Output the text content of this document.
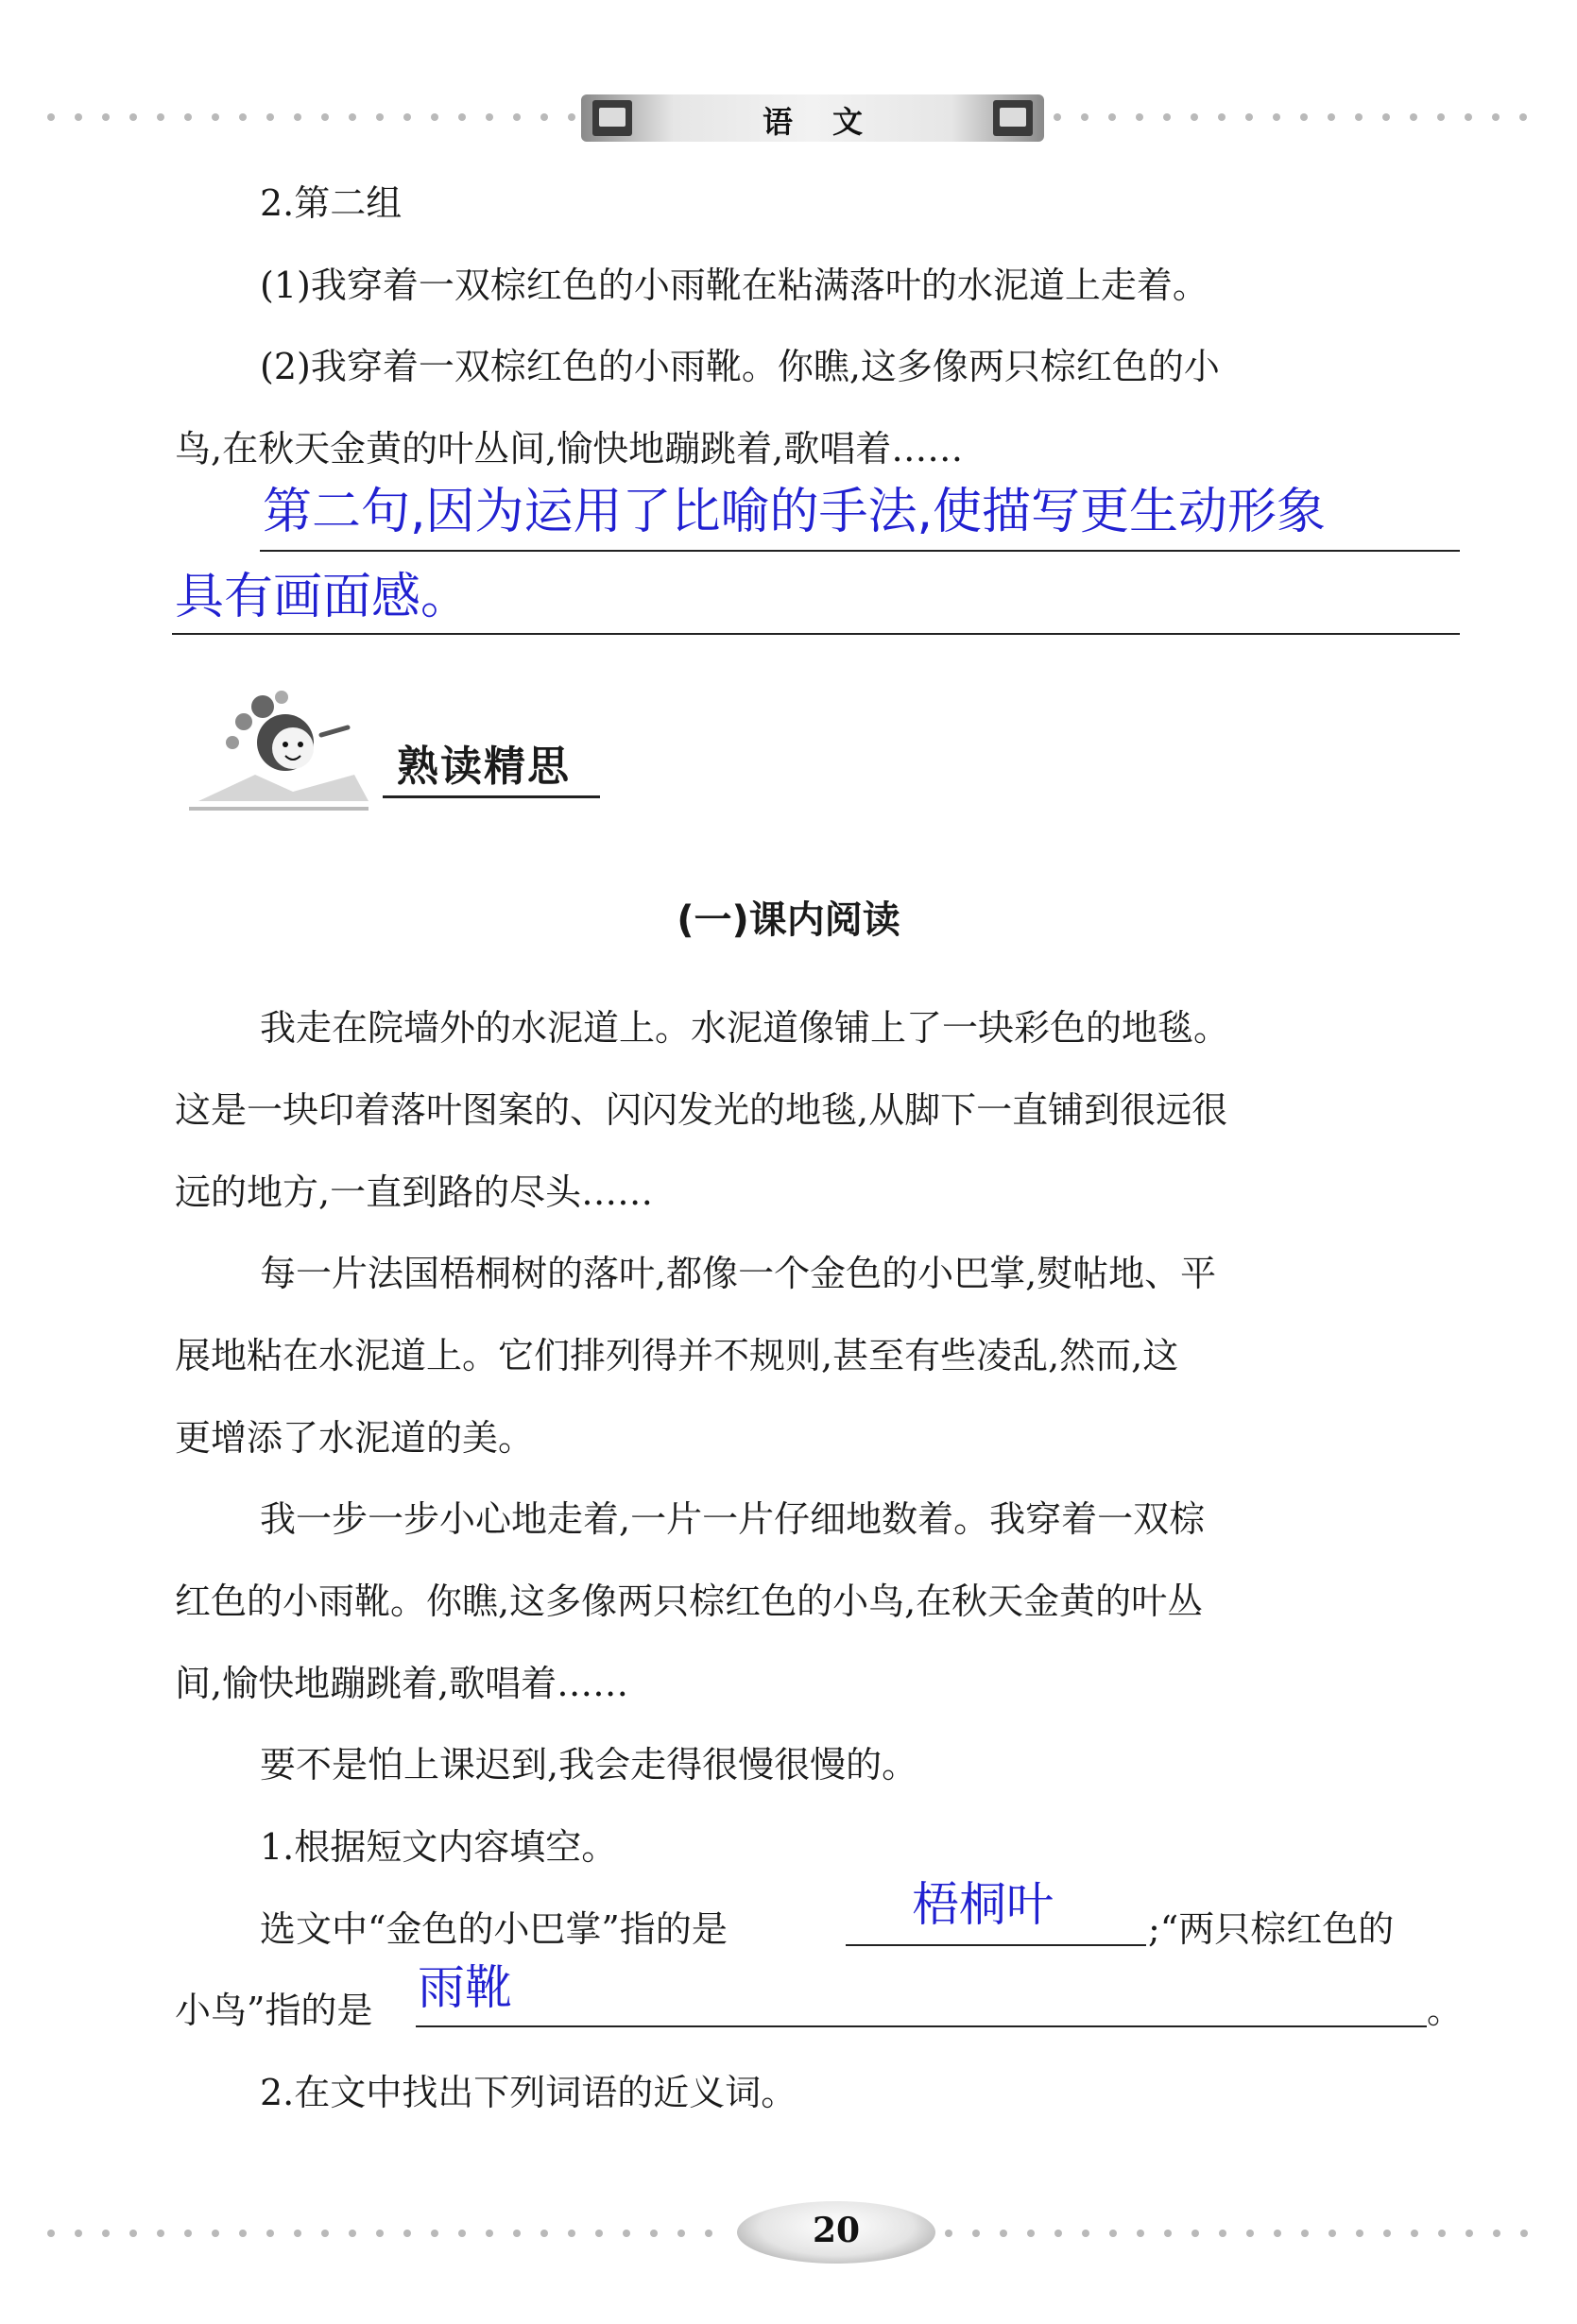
语文
2.第二组
(1)我穿着一双棕红色的小雨靴在粘满落叶的水泥道上走着。
(2)我穿着一双棕红色的小雨靴。你瞧,这多像两只棕红色的小
鸟,在秋天金黄的叶丛间,愉快地蹦跳着,歌唱着……
第二句,因为运用了比喻的手法,使描写更生动形象
具有画面感。
熟读精思
(一)课内阅读
我走在院墙外的水泥道上。水泥道像铺上了一块彩色的地毯。
这是一块印着落叶图案的、闪闪发光的地毯,从脚下一直铺到很远很
远的地方,一直到路的尽头……
每一片法国梧桐树的落叶,都像一个金色的小巴掌,熨帖地、平
展地粘在水泥道上。它们排列得并不规则,甚至有些凌乱,然而,这
更增添了水泥道的美。
我一步一步小心地走着,一片一片仔细地数着。我穿着一双棕
红色的小雨靴。你瞧,这多像两只棕红色的小鸟,在秋天金黄的叶丛
间,愉快地蹦跳着,歌唱着……
要不是怕上课迟到,我会走得很慢很慢的。
1.根据短文内容填空。
选文中“金色的小巴掌”指的是	梧桐叶	;“两只棕红色的
小鸟”指的是 雨靴	。
2.在文中找出下列词语的近义词。
20
